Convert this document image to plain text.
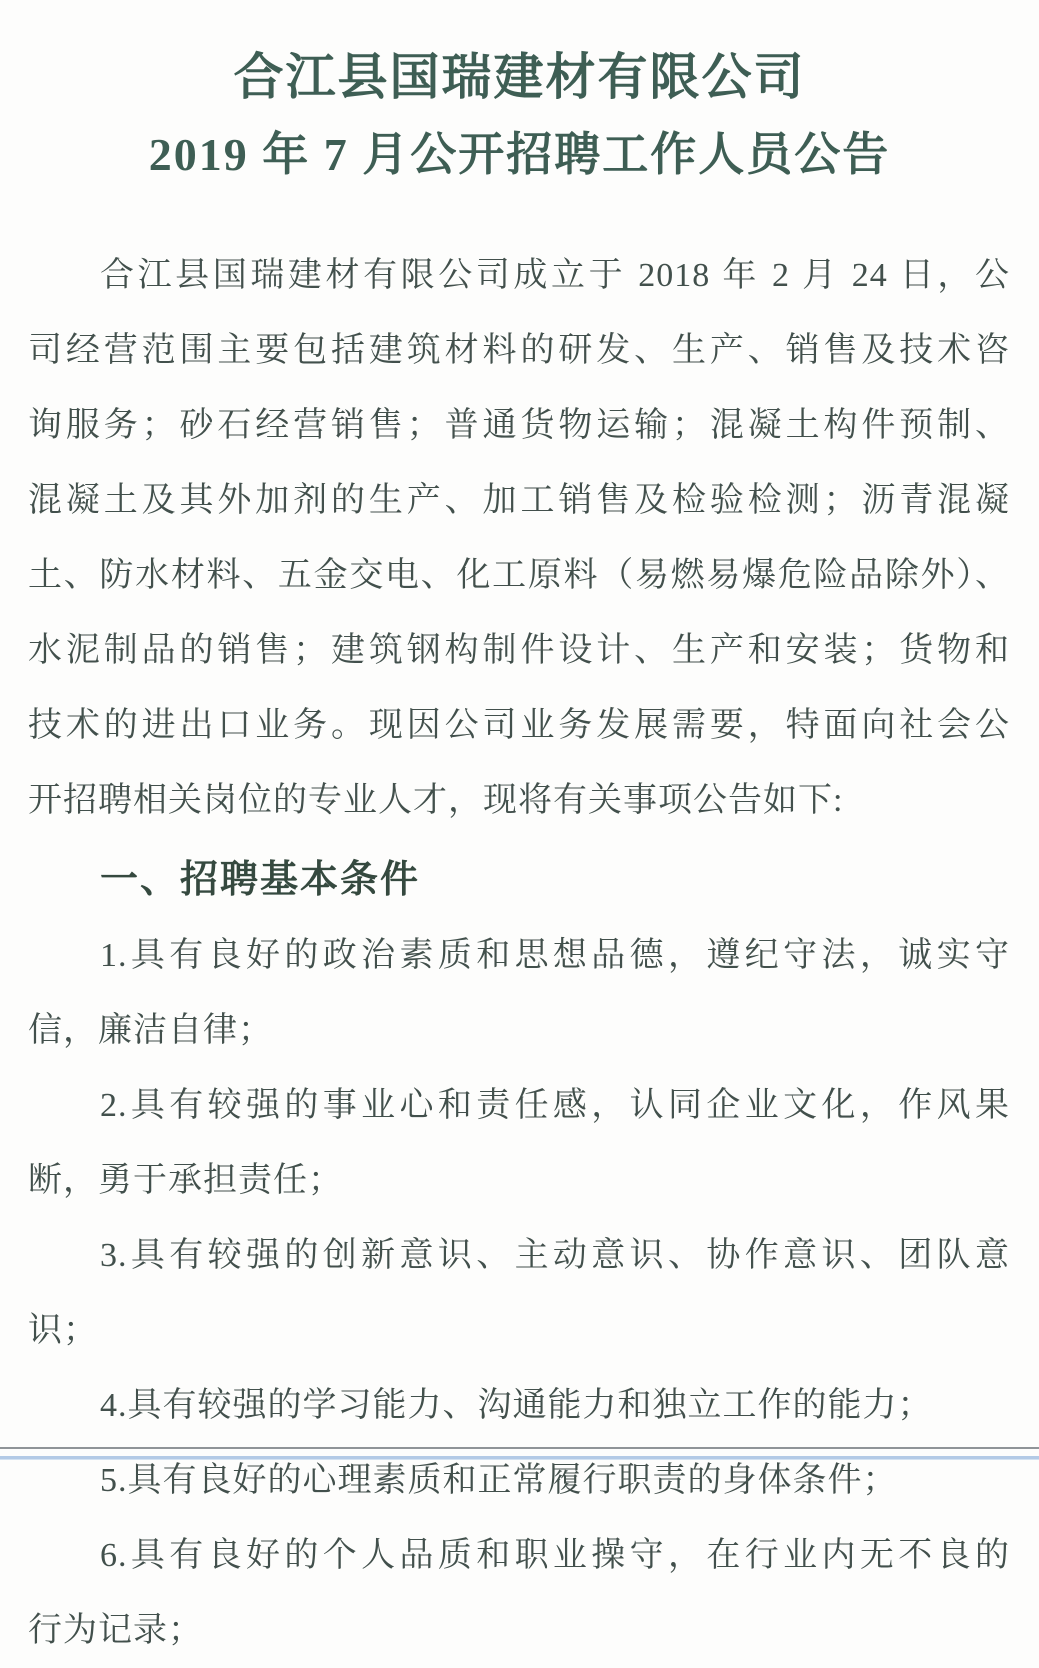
合江县国瑞建材有限公司
2019 年 7 月公开招聘工作人员公告

合江县国瑞建材有限公司成立于 2018 年 2 月 24 日，公

司经营范围主要包括建筑材料的研发、生产、销售及技术咨

询服务；砂石经营销售；普通货物运输；混凝土构件预制、

混凝土及其外加剂的生产、加工销售及检验检测；沥青混凝

土、防水材料、五金交电、化工原料（易燃易爆危险品除外）、

水泥制品的销售；建筑钢构制件设计、生产和安装；货物和

技术的进出口业务。现因公司业务发展需要，特面向社会公

开招聘相关岗位的专业人才，现将有关事项公告如下:

一、招聘基本条件

1.具有良好的政治素质和思想品德，遵纪守法，诚实守

信，廉洁自律；

2.具有较强的事业心和责任感，认同企业文化，作风果

断，勇于承担责任；

3.具有较强的创新意识、主动意识、协作意识、团队意

识；

4.具有较强的学习能力、沟通能力和独立工作的能力；

5.具有良好的心理素质和正常履行职责的身体条件；

6.具有良好的个人品质和职业操守，在行业内无不良的

行为记录；
